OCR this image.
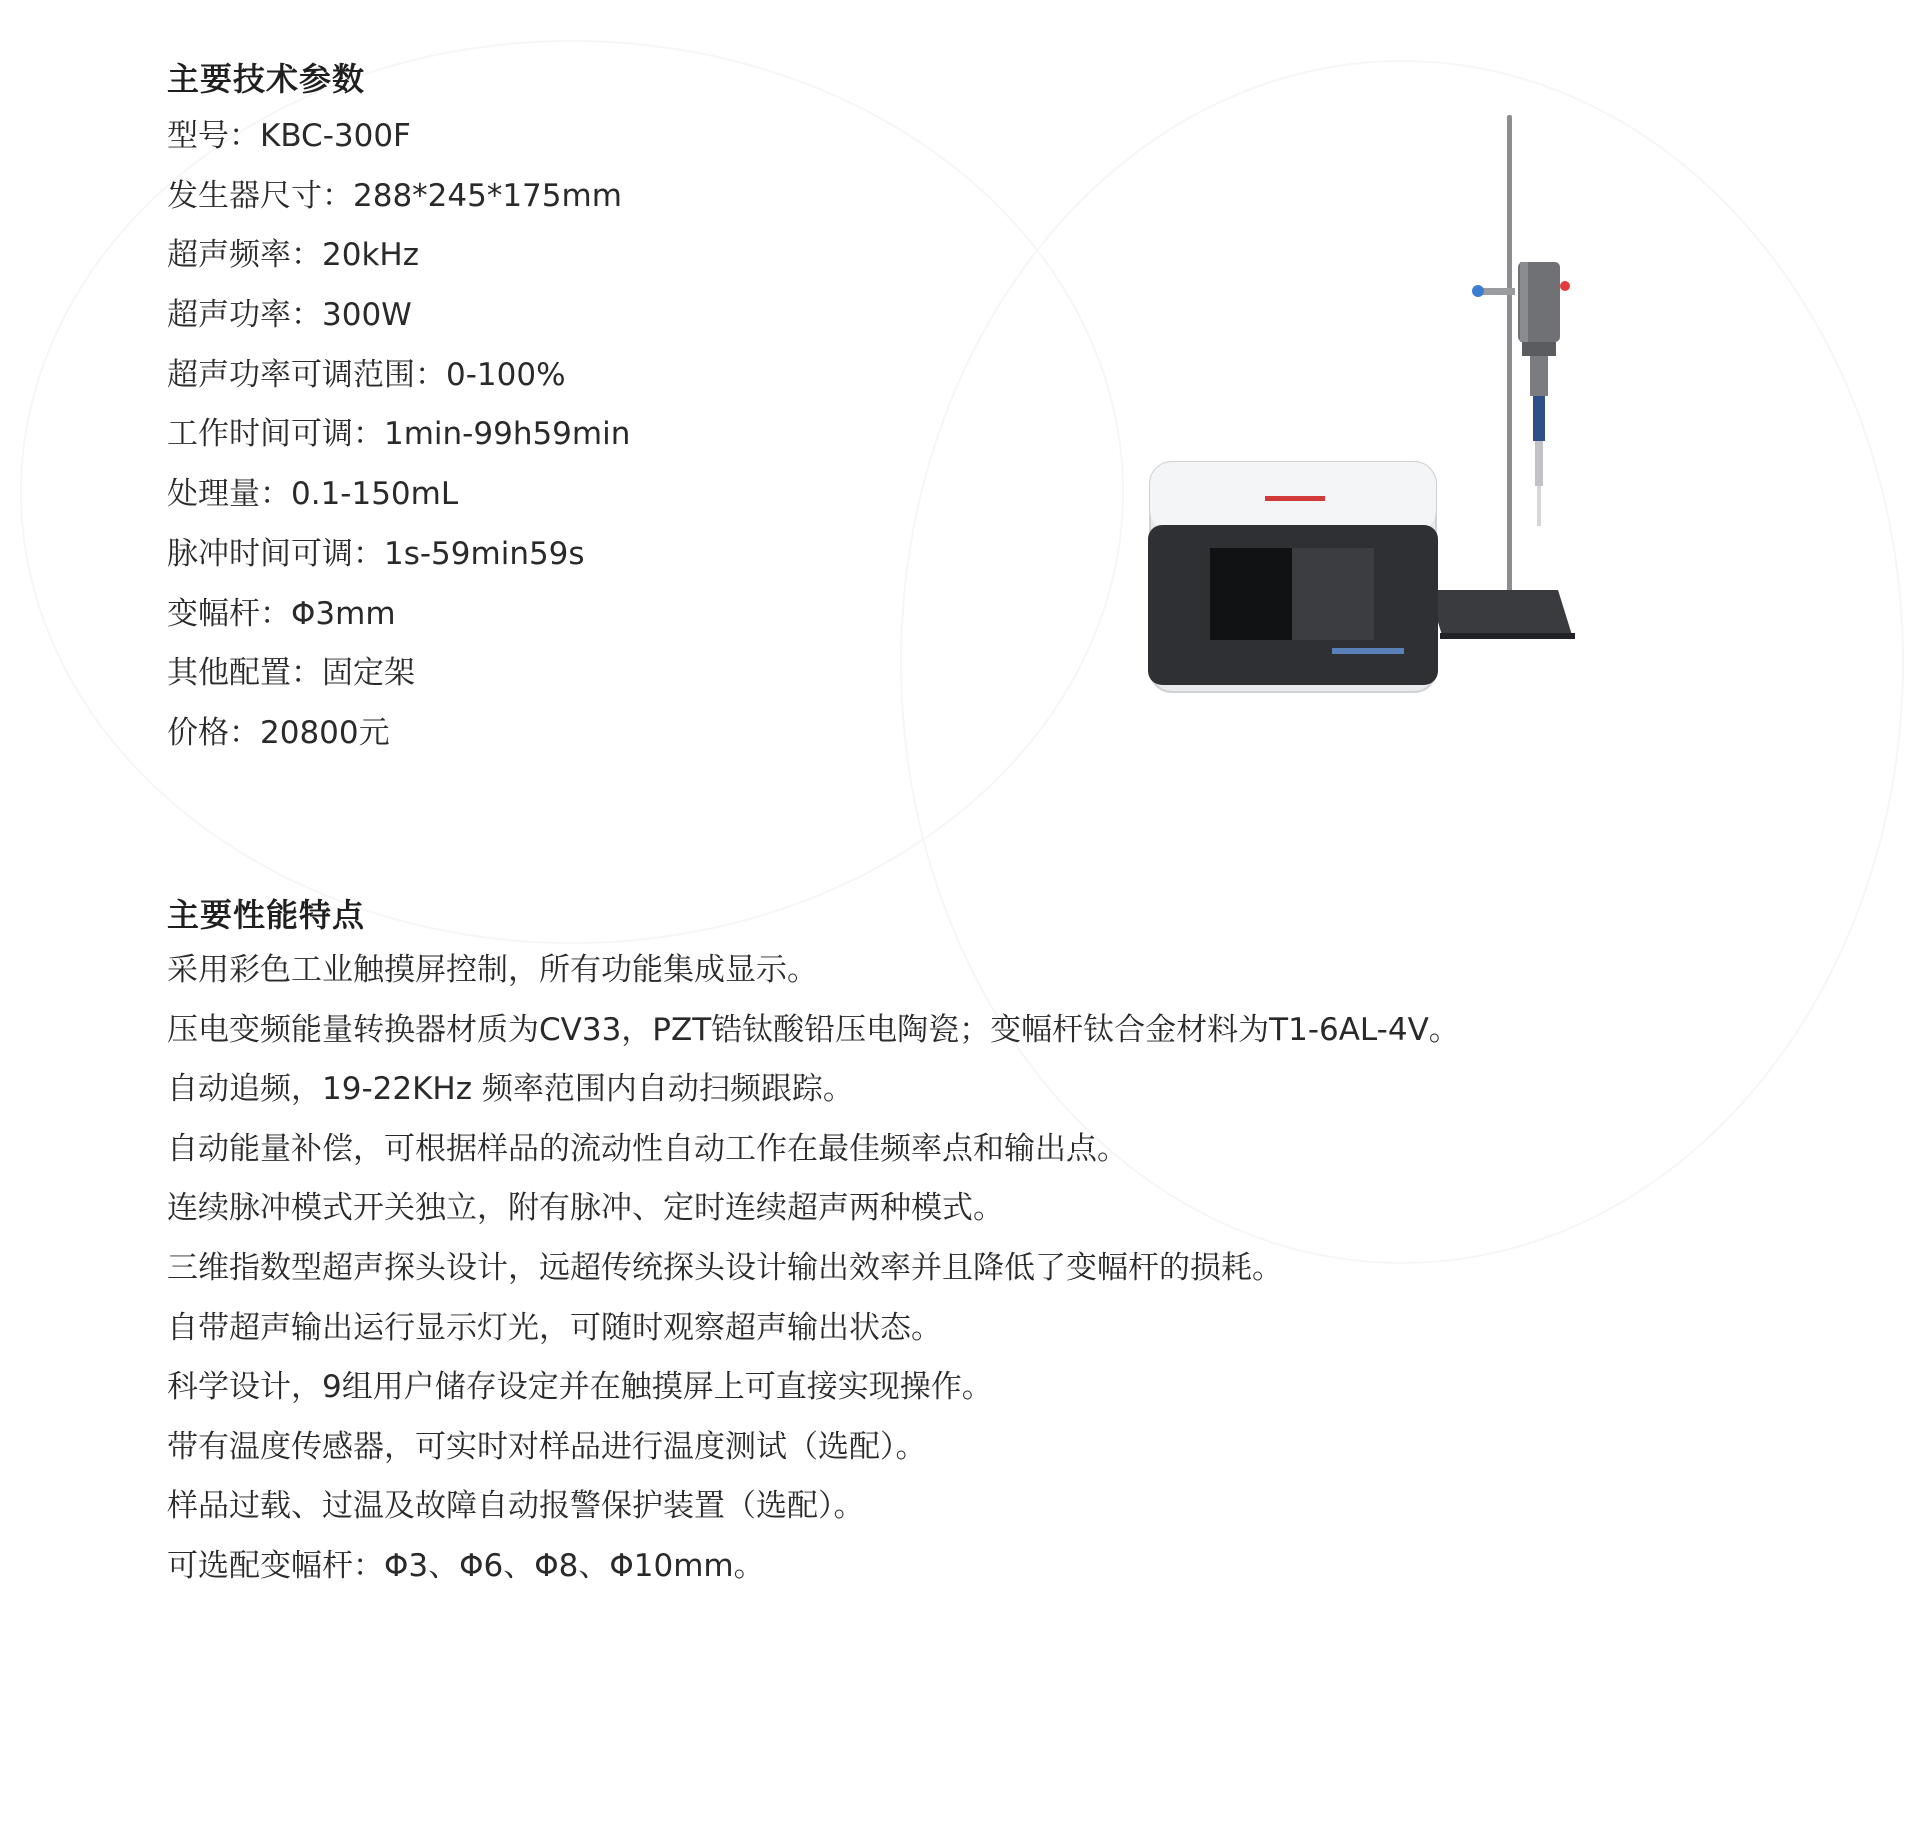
主要技术参数
型号：KBC-300F
发生器尺寸：288*245*175mm
超声频率：20kHz
超声功率：300W
超声功率可调范围：0-100%
工作时间可调：1min-99h59min
处理量：0.1-150mL
脉冲时间可调：1s-59min59s
变幅杆：Φ3mm
其他配置：固定架
价格：20800元
主要性能特点
采用彩色工业触摸屏控制，所有功能集成显示。
压电变频能量转换器材质为CV33，PZT锆钛酸铅压电陶瓷；变幅杆钛合金材料为T1-6AL-4V。
自动追频，19-22KHz 频率范围内自动扫频跟踪。
自动能量补偿，可根据样品的流动性自动工作在最佳频率点和输出点。
连续脉冲模式开关独立，附有脉冲、定时连续超声两种模式。
三维指数型超声探头设计，远超传统探头设计输出效率并且降低了变幅杆的损耗。
自带超声输出运行显示灯光，可随时观察超声输出状态。
科学设计，9组用户储存设定并在触摸屏上可直接实现操作。
带有温度传感器，可实时对样品进行温度测试（选配）。
样品过载、过温及故障自动报警保护装置（选配）。
可选配变幅杆：Φ3、Φ6、Φ8、Φ10mm。
